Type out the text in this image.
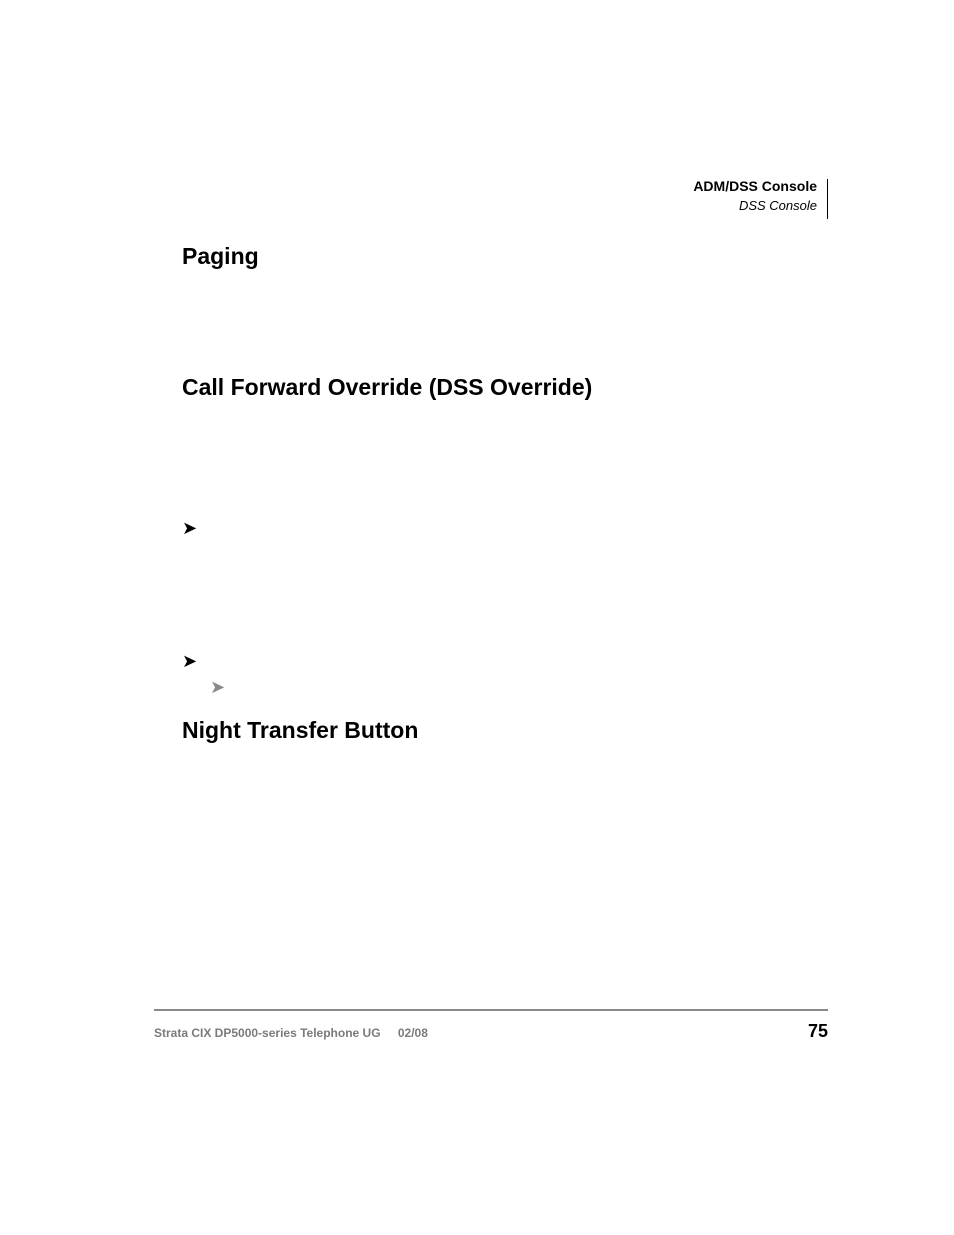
ADM/DSS Console
DSS Console
Paging
Call Forward Override (DSS Override)
➤
➤
➤
Night Transfer Button
Strata CIX DP5000-series Telephone UG 02/08	75
